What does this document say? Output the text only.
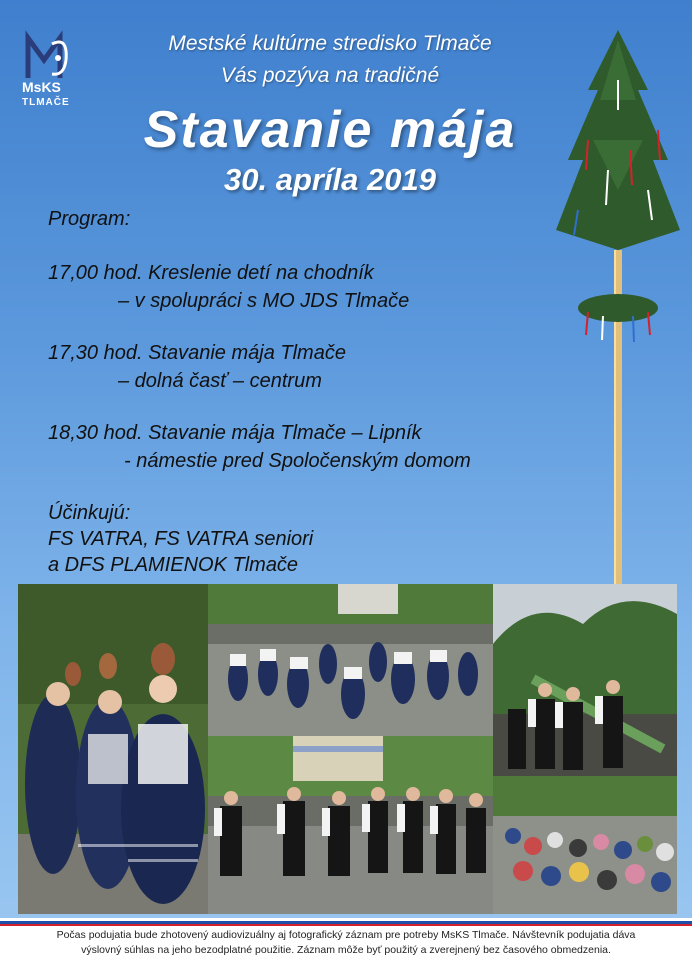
MsKS
TLMAČE
Mestské kultúrne stredisko Tlmače
Vás pozýva na tradičné
Stavanie mája
30. apríla 2019
Program:
17,00 hod. Kreslenie detí na chodník
– v spolupráci s MO JDS Tlmače
17,30 hod. Stavanie mája Tlmače
– dolná časť – centrum
18,30 hod. Stavanie mája Tlmače – Lipník
- námestie pred Spoločenským domom
Účinkujú:
FS VATRA, FS VATRA seniori
a DFS PLAMIENOK Tlmače
Počas podujatia bude zhotovený audiovizuálny aj fotografický záznam pre potreby MsKS Tlmače. Návštevník podujatia dáva
výslovný súhlas na jeho bezodplatné použitie. Záznam môže byť použitý a zverejnený bez časového obmedzenia.
